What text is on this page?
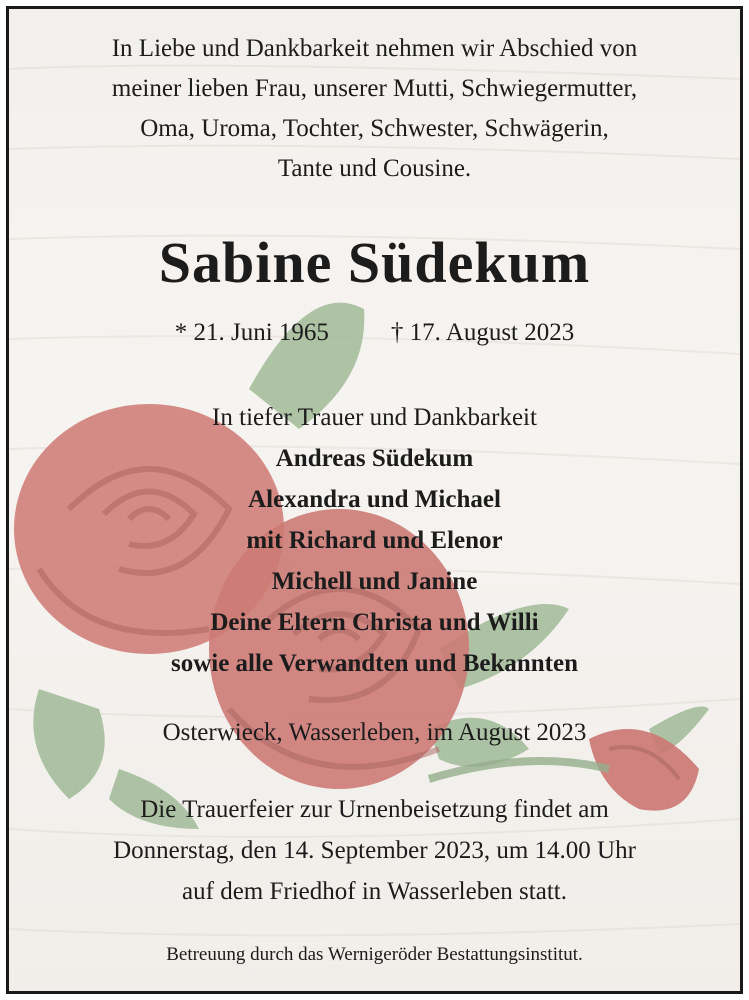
In Liebe und Dankbarkeit nehmen wir Abschied von
meiner lieben Frau, unserer Mutti, Schwiegermutter,
Oma, Uroma, Tochter, Schwester, Schwägerin,
Tante und Cousine.
Sabine Südekum
* 21. Juni 1965 † 17. August 2023
In tiefer Trauer und Dankbarkeit
Andreas Südekum
Alexandra und Michael
mit Richard und Elenor
Michell und Janine
Deine Eltern Christa und Willi
sowie alle Verwandten und Bekannten
Osterwieck, Wasserleben, im August 2023
Die Trauerfeier zur Urnenbeisetzung findet am
Donnerstag, den 14. September 2023, um 14.00 Uhr
auf dem Friedhof in Wasserleben statt.
Betreuung durch das Wernigeröder Bestattungsinstitut.
